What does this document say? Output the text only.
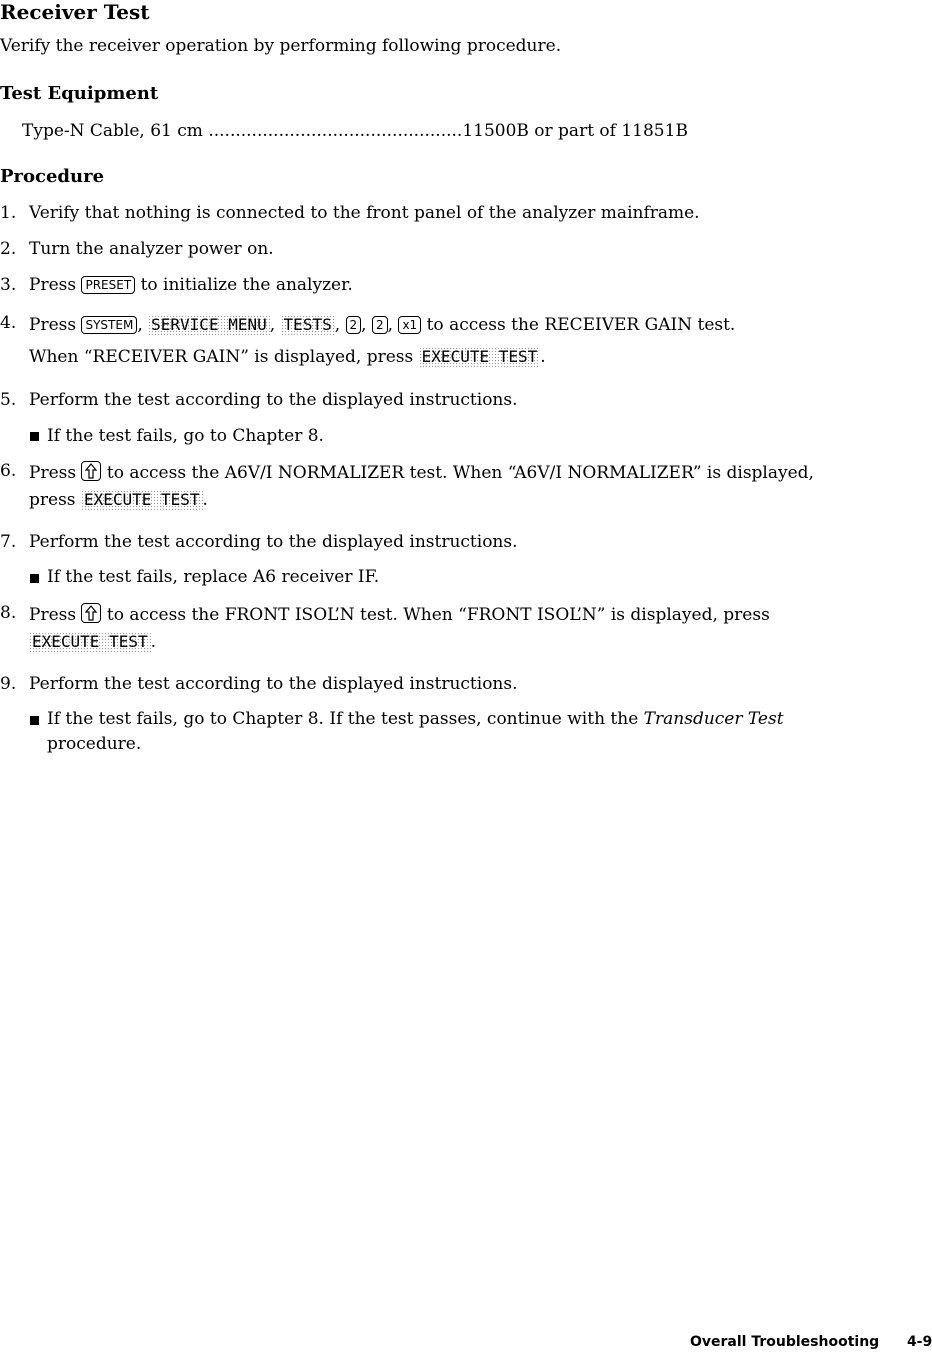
Receiver Test
Verify the receiver operation by performing following procedure.
Test Equipment
Type-N Cable, 61 cm ...............................................11500B or part of 11851B
Procedure
1. Verify that nothing is connected to the front panel of the analyzer mainframe.
2. Turn the analyzer power on.
3. Press PRESET to initialize the analyzer.
4. Press SYSTEM , SERVICE MENU , TESTS , 2 , 2 , x1 to access the RECEIVER GAIN test.
When “RECEIVER GAIN” is displayed, press EXECUTE TEST .
5. Perform the test according to the displayed instructions.
If the test fails, go to Chapter 8.
6. Press to access the A6V/I NORMALIZER test. When “A6V/I NORMALIZER” is displayed,
press EXECUTE TEST .
7. Perform the test according to the displayed instructions.
If the test fails, replace A6 receiver IF.
8. Press to access the FRONT ISOL’N test. When “FRONT ISOL’N” is displayed, press
EXECUTE TEST .
9. Perform the test according to the displayed instructions.
If the test fails, go to Chapter 8. If the test passes, continue with the Transducer Test
procedure.
Overall Troubleshooting 4-9
